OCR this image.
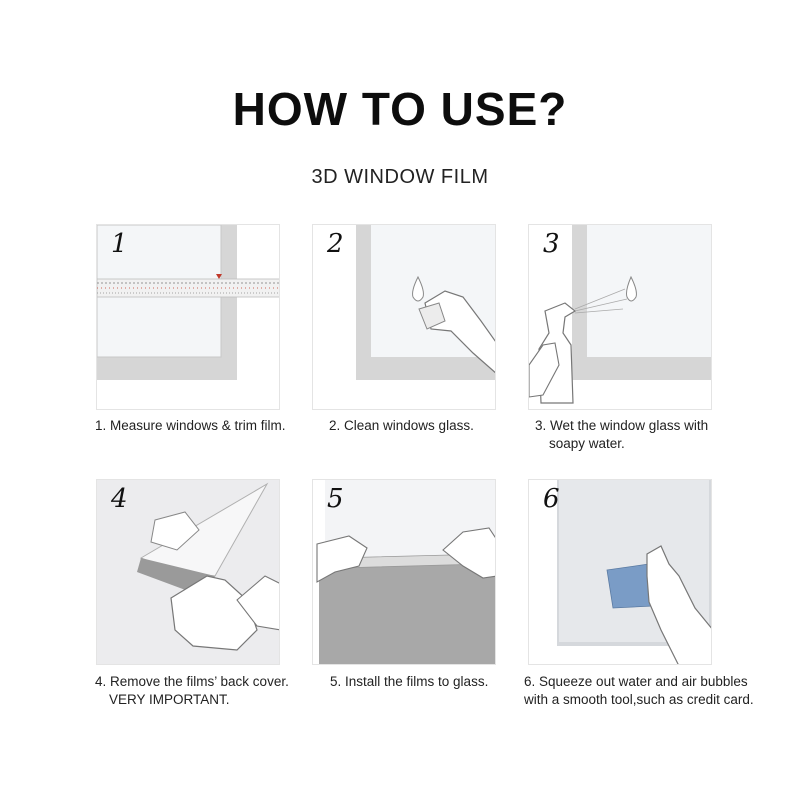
HOW TO USE?
3D WINDOW FILM
1
1. Measure windows & trim film.
2
2. Clean windows glass.
3
3. Wet the window glass with
soapy water.
4
4. Remove the films’ back cover.
VERY IMPORTANT.
5
5. Install the films to glass.
6
6. Squeeze out water and air bubbles
with a smooth tool,such as credit card.
